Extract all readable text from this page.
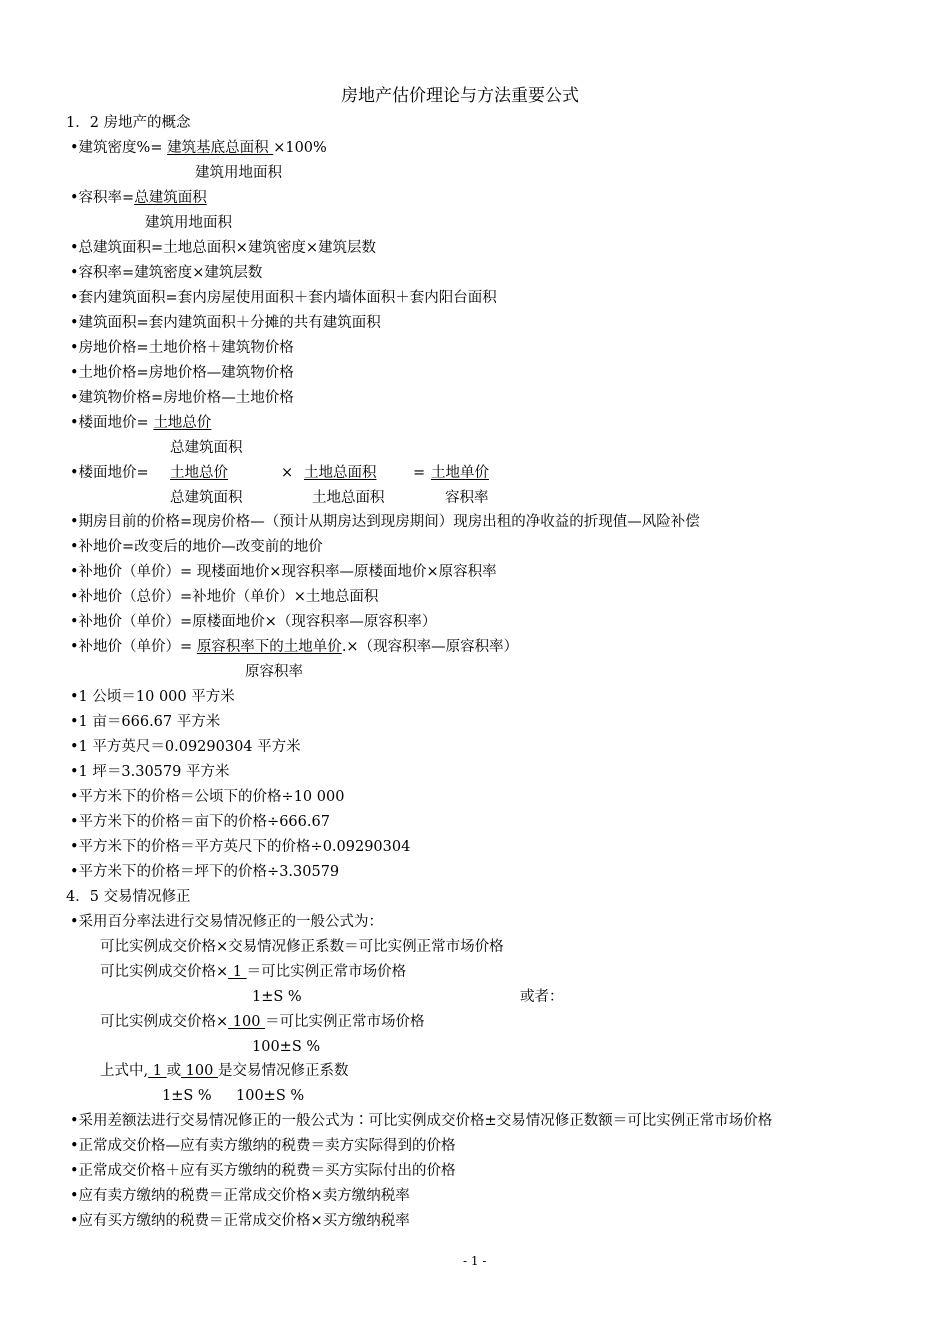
房地产估价理论与方法重要公式
1．2 房地产的概念
•建筑密度%= 建筑基底总面积 ×100%
建筑用地面积
•容积率=总建筑面积
建筑用地面积
•总建筑面积=土地总面积×建筑密度×建筑层数
•容积率=建筑密度×建筑层数
•套内建筑面积=套内房屋使用面积＋套内墙体面积＋套内阳台面积
•建筑面积=套内建筑面积＋分摊的共有建筑面积
•房地价格=土地价格＋建筑物价格
•土地价格=房地价格—建筑物价格
•建筑物价格=房地价格—土地价格
•楼面地价= 土地总价
总建筑面积
•楼面地价= 土地总价	× 土地总面积	= 土地单价
总建筑面积	土地总面积	容积率
•期房目前的价格=现房价格—（预计从期房达到现房期间）现房出租的净收益的折现值—风险补偿
•补地价=改变后的地价—改变前的地价
•补地价（单价）= 现楼面地价×现容积率—原楼面地价×原容积率
•补地价（总价）=补地价（单价）×土地总面积
•补地价（单价）=原楼面地价×（现容积率—原容积率）
•补地价（单价）= 原容积率下的土地单价.×（现容积率—原容积率）
原容积率
•1 公顷＝10 000 平方米
•1 亩＝666.67 平方米
•1 平方英尺＝0.09290304 平方米
•1 坪＝3.30579 平方米
•平方米下的价格＝公顷下的价格÷10 000
•平方米下的价格＝亩下的价格÷666.67
•平方米下的价格＝平方英尺下的价格÷0.09290304
•平方米下的价格＝坪下的价格÷3.30579
4．5 交易情况修正
•采用百分率法进行交易情况修正的一般公式为：
可比实例成交价格×交易情况修正系数＝可比实例正常市场价格
可比实例成交价格× 1 ＝可比实例正常市场价格
1±S %	或者：
可比实例成交价格× 100 ＝可比实例正常市场价格
100±S %
上式中, 1 或 100 是交易情况修正系数
1±S % 100±S %
•采用差额法进行交易情况修正的一般公式为∶可比实例成交价格±交易情况修正数额＝可比实例正常市场价格
•正常成交价格—应有卖方缴纳的税费＝卖方实际得到的价格
•正常成交价格＋应有买方缴纳的税费＝买方实际付出的价格
•应有卖方缴纳的税费＝正常成交价格×卖方缴纳税率
•应有买方缴纳的税费＝正常成交价格×买方缴纳税率
- 1 -
